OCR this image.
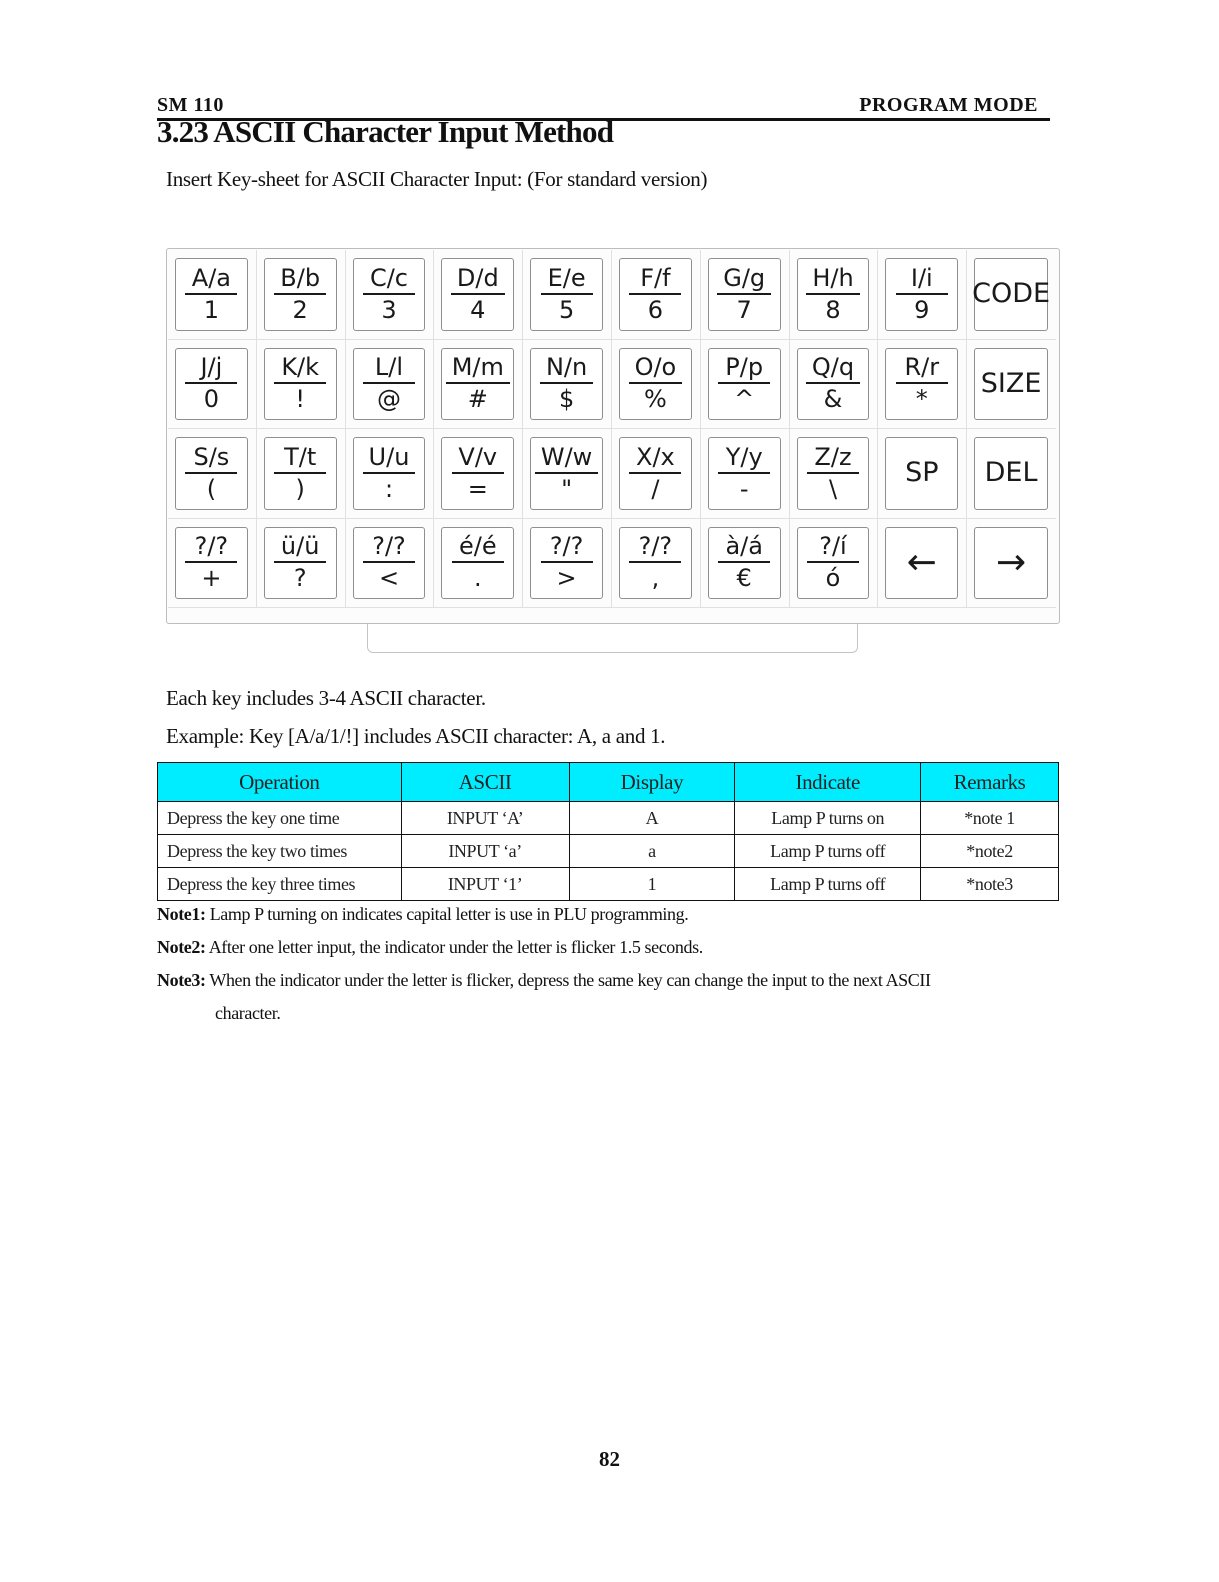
SM 110	PROGRAM MODE
3.23 ASCII Character Input Method
Insert Key-sheet for ASCII Character Input: (For standard version)
A/a
1
B/b
2
C/c
3
D/d
4
E/e
5
F/f
6
G/g
7
H/h
8
I/i
9
CODE
J/j
0
K/k
!
L/l
@
M/m
#
N/n
$
O/o
%
P/p
^
Q/q
&
R/r
*
SIZE
S/s
(
T/t
)
U/u
:
V/v
=
W/w
"
X/x
/
Y/y
-
Z/z
\
SP DEL
?/?
+
ü/ü
?
?/?
<
é/é
.
?/?
>
?/?
,
à/á
€
?/í
ó ← →
Each key includes 3-4 ASCII character.
Example: Key [A/a/1/!] includes ASCII character: A, a and 1.
Operation	ASCII	Display	Indicate	Remarks
Depress the key one time	INPUT ‘A’	A	Lamp P turns on	*note 1
Depress the key two times	INPUT ‘a’	a	Lamp P turns off	*note2
Depress the key three times	INPUT ‘1’	1	Lamp P turns off	*note3
Note1: Lamp P turning on indicates capital letter is use in PLU programming.
Note2: After one letter input, the indicator under the letter is flicker 1.5 seconds.
Note3: When the indicator under the letter is flicker, depress the same key can change the input to the next ASCII
character.
82
